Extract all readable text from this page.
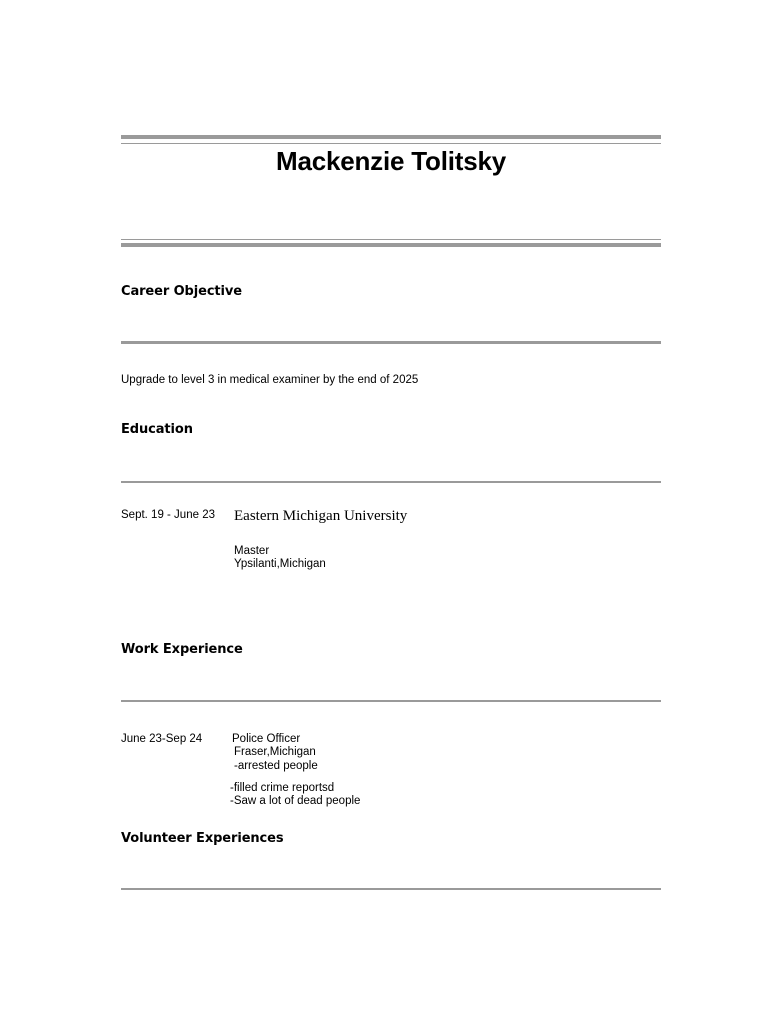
Mackenzie Tolitsky
Career Objective
Upgrade to level 3 in medical examiner by the end of 2025
Education
Sept. 19 - June 23 Eastern Michigan University
Master
Ypsilanti,Michigan
Work Experience
June 23-Sep 24	Police Officer
Fraser,Michigan
-arrested people
-filled crime reportsd
-Saw a lot of dead people
Volunteer Experiences
